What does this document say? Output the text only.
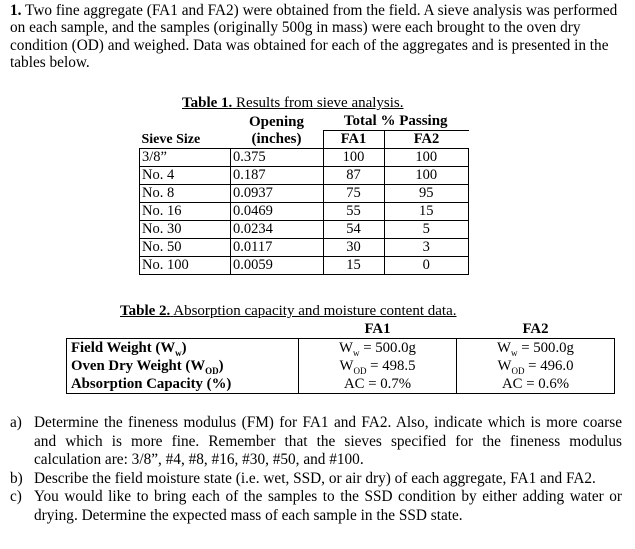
1. Two fine aggregate (FA1 and FA2) were obtained from the field. A sieve analysis was performed on each sample, and the samples (originally 500g in mass) were each brought to the oven dry condition (OD) and weighed. Data was obtained for each of the aggregates and is presented in the tables below.
Table 1. Results from sieve analysis.
	Opening
(inches)	Total % Passing	
Sieve Size		FA1	FA2
3/8”	0.375	100	100
No. 4	0.187	87	100
No. 8	0.0937	75	95
No. 16	0.0469	55	15
No. 30	0.0234	54	5
No. 50	0.0117	30	3
No. 100	0.0059	15	0
Table 2. Absorption capacity and moisture content data.
	FA1	FA2
Field Weight $(W_w)$	$W_w = 500.0g$	$W_w = 500.0g$
Oven Dry Weight $(W_{OD})$	$W_{OD} = 498.5$	$W_{OD} = 496.0$
Absorption Capacity (%)	AC = 0.7%	AC = 0.6%
a) Determine the fineness modulus (FM) for FA1 and FA2. Also, indicate which is more coarse and which is more fine. Remember that the sieves specified for the fineness modulus calculation are: 3/8”, #4, #8, #16, #30, #50, and #100.
b) Describe the field moisture state (i.e. wet, SSD, or air dry) of each aggregate, FA1 and FA2.
c) You would like to bring each of the samples to the SSD condition by either adding water or drying. Determine the expected mass of each sample in the SSD state.
